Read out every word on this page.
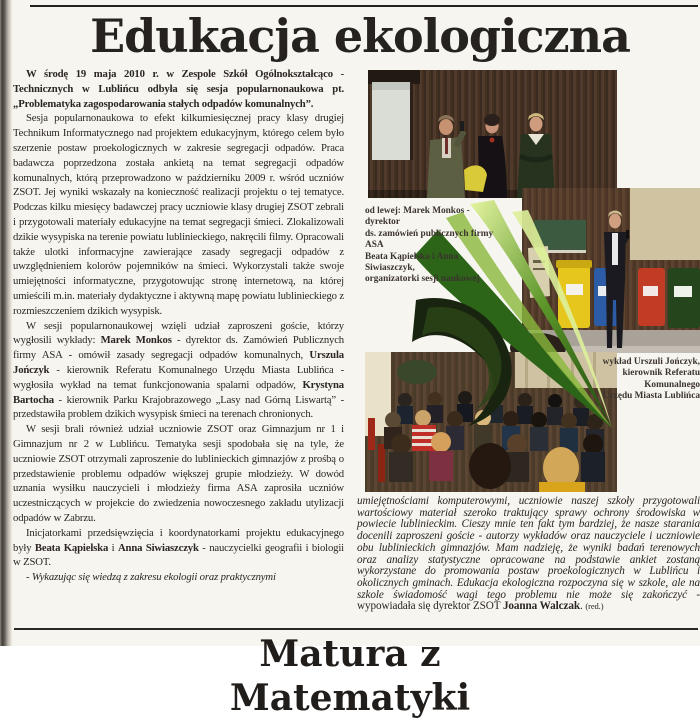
Edukacja ekologiczna

W środę 19 maja 2010 r. w Zespole Szkół Ogólnokształcąco - Technicznych w Lublińcu odbyła się sesja popularnonaukowa pt. „Problematyka zagospodarowania stałych odpadów komunalnych”.

Sesja popularnonaukowa to efekt kilkumiesięcznej pracy klasy drugiej Technikum Informatycznego nad projektem edukacyjnym, którego celem było szerzenie postaw proekologicznych w zakresie segregacji odpadów. Praca badawcza poprzedzona została ankietą na temat segregacji odpadów komunalnych, którą przeprowadzono w październiku 2009 r. wśród uczniów ZSOT. Jej wyniki wskazały na konieczność realizacji projektu o tej tematyce. Podczas kilku miesięcy badawczej pracy uczniowie klasy drugiej ZSOT zebrali i przygotowali materiały edukacyjne na temat segregacji śmieci. Zlokalizowali dzikie wysypiska na terenie powiatu lublinieckiego, nakręcili filmy. Opracowali także ulotki informacyjne zawierające zasady segregacji odpadów z uwzględnieniem kolorów pojemników na śmieci. Wykorzystali także swoje umiejętności informatyczne, przygotowując stronę internetową, na której umieścili m.in. materiały dydaktyczne i aktywną mapę powiatu lublinieckiego z rozmieszczeniem dzikich wysypisk.

W sesji popularnonaukowej wzięli udział zaproszeni goście, którzy wygłosili wykłady: Marek Monkos - dyrektor ds. Zamówień Publicznych firmy ASA - omówił zasady segregacji odpadów komunalnych, Urszula Jończyk - kierownik Referatu Komunalnego Urzędu Miasta Lublińca - wygłosiła wykład na temat funkcjonowania spalarni odpadów, Krystyna Bartocha - kierownik Parku Krajobrazowego „Lasy nad Górną Liswartą” - przedstawiła problem dzikich wysypisk śmieci na terenach chronionych.

W sesji brali również udział uczniowie ZSOT oraz Gimnazjum nr 1 i Gimnazjum nr 2 w Lublińcu. Tematyka sesji spodobała się na tyle, że uczniowie ZSOT otrzymali zaproszenie do lublinieckich gimnazjów z prośbą o przedstawienie problemu odpadów większej grupie młodzieży. W dowód uznania wysiłku nauczycieli i młodzieży firma ASA zaprosiła uczniów uczestniczących w projekcie do zwiedzenia nowoczesnego zakładu utylizacji odpadów w Zabrzu.

Inicjatorkami przedsięwzięcia i koordynatorkami projektu edukacyjnego były Beata Kąpielska i Anna Siwiaszczyk - nauczycielki geografii i biologii w ZSOT.

- Wykazując się wiedzą z zakresu ekologii oraz praktycznymi

od lewej: Marek Monkos - dyrektor
ds. zamówień publicznych firmy ASA
Beata Kąpielska i Anna Siwiaszczyk,
organizatorki sesji naukowej
wykład Urszuli Jończyk,
kierownik Referatu
Komunalnego
Urzędu Miasta Lublińca
umiejętnościami komputerowymi, uczniowie naszej szkoły przygotowali wartościowy materiał szeroko traktujący sprawy ochrony środowiska w powiecie lublinieckim. Cieszy mnie ten fakt tym bardziej, że nasze starania docenili zaproszeni goście - autorzy wykładów oraz nauczyciele i uczniowie obu lublinieckich gimnazjów. Mam nadzieję, że wyniki badań terenowych oraz analizy statystyczne opracowane na podstawie ankiet zostaną wykorzystane do promowania postaw proekologicznych w Lublińcu i okolicznych gminach. Edukacja ekologiczna rozpoczyna się w szkole, ale na szkole świadomość wagi tego problemu nie może się zakończyć - wypowiadała się dyrektor ZSOT Joanna Walczak. (red.)
Matura z Matematyki
